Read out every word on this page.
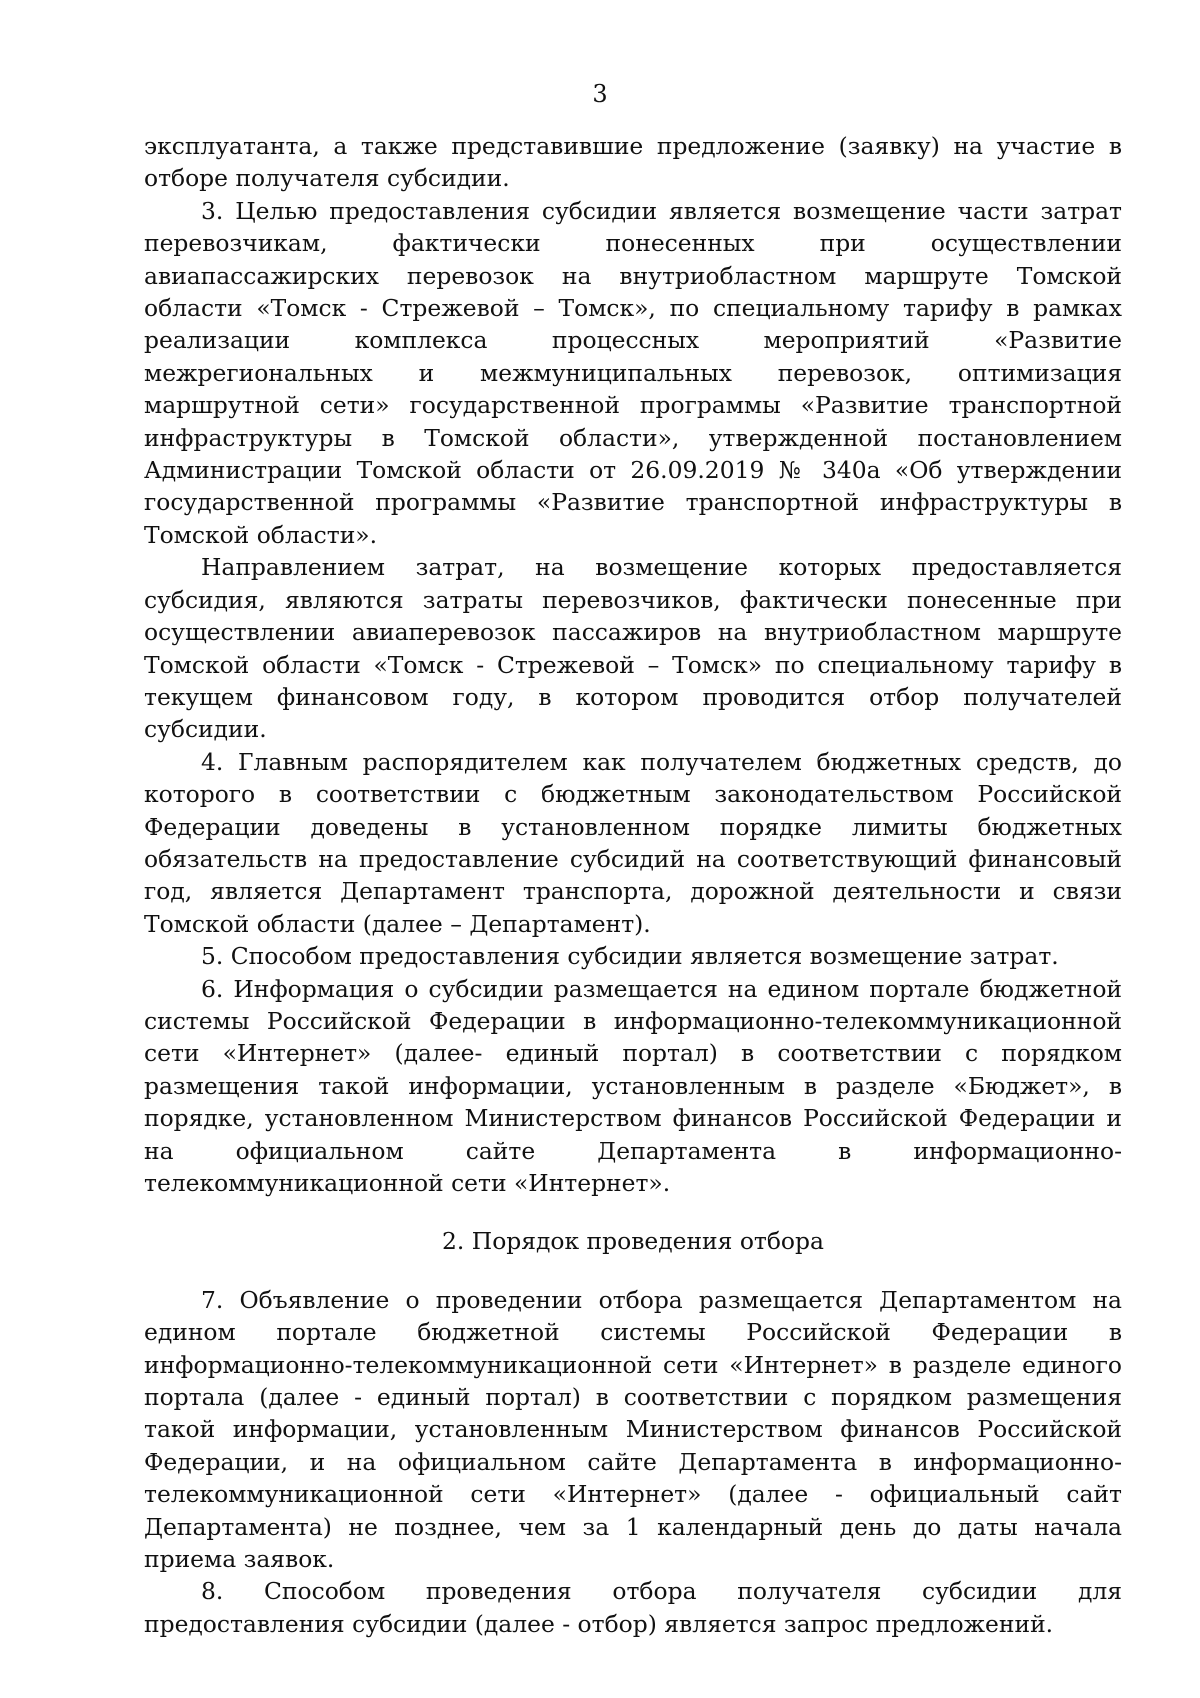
3

эксплуатанта, а также представившие предложение (заявку) на участие в отборе получателя субсидии.

3. Целью предоставления субсидии является возмещение части затрат перевозчикам, фактически понесенных при осуществлении авиапассажирских перевозок на внутриобластном маршруте Томской области «Томск - Стрежевой – Томск», по специальному тарифу в рамках реализации комплекса процессных мероприятий «Развитие межрегиональных и межмуниципальных перевозок, оптимизация маршрутной сети» государственной программы «Развитие транспортной инфраструктуры в Томской области», утвержденной постановлением Администрации Томской области от 26.09.2019 № 340а «Об утверждении государственной программы «Развитие транспортной инфраструктуры в Томской области».

Направлением затрат, на возмещение которых предоставляется субсидия, являются затраты перевозчиков, фактически понесенные при осуществлении авиаперевозок пассажиров на внутриобластном маршруте Томской области «Томск - Стрежевой – Томск» по специальному тарифу в текущем финансовом году, в котором проводится отбор получателей субсидии.

4. Главным распорядителем как получателем бюджетных средств, до которого в соответствии с бюджетным законодательством Российской Федерации доведены в установленном порядке лимиты бюджетных обязательств на предоставление субсидий на соответствующий финансовый год, является Департамент транспорта, дорожной деятельности и связи Томской области (далее – Департамент).

5. Способом предоставления субсидии является возмещение затрат.

6. Информация о субсидии размещается на едином портале бюджетной системы Российской Федерации в информационно-телекоммуникационной сети «Интернет» (далее- единый портал) в соответствии с порядком размещения такой информации, установленным в разделе «Бюджет», в порядке, установленном Министерством финансов Российской Федерации и на официальном сайте Департамента в информационно-телекоммуникационной сети «Интернет».

2. Порядок проведения отбора

7. Объявление о проведении отбора размещается Департаментом на едином портале бюджетной системы Российской Федерации в информационно-телекоммуникационной сети «Интернет» в разделе единого портала (далее - единый портал) в соответствии с порядком размещения такой информации, установленным Министерством финансов Российской Федерации, и на официальном сайте Департамента в информационно-телекоммуникационной сети «Интернет» (далее - официальный сайт Департамента) не позднее, чем за 1 календарный день до даты начала приема заявок.

8. Способом проведения отбора получателя субсидии для предоставления субсидии (далее - отбор) является запрос предложений.
